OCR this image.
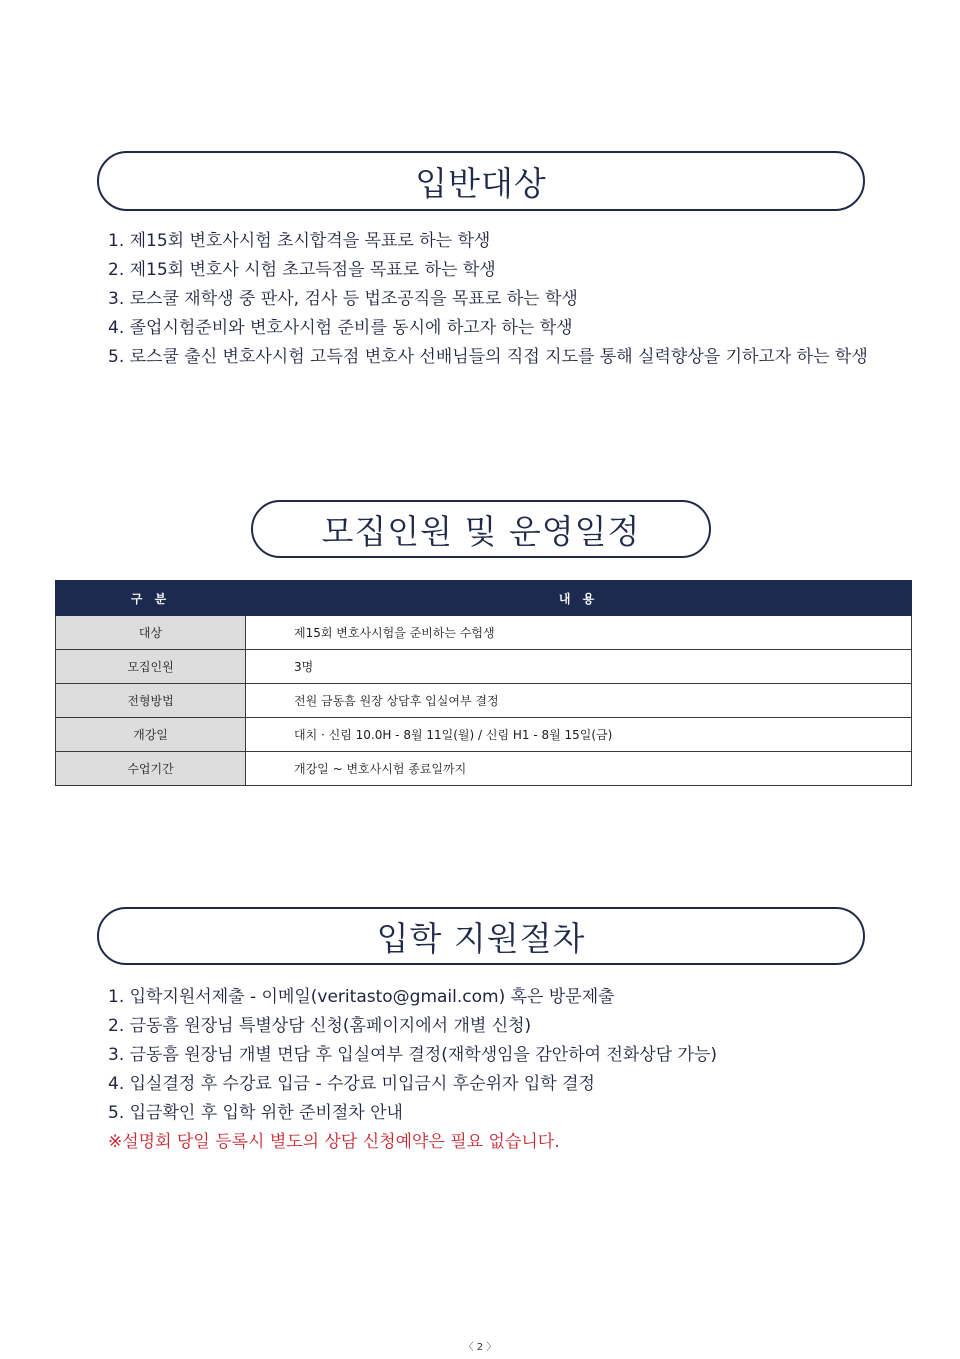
입반대상
1. 제15회 변호사시험 초시합격을 목표로 하는 학생
2. 제15회 변호사 시험 초고득점을 목표로 하는 학생
3. 로스쿨 재학생 중 판사, 검사 등 법조공직을 목표로 하는 학생
4. 졸업시험준비와 변호사시험 준비를 동시에 하고자 하는 학생
5. 로스쿨 출신 변호사시험 고득점 변호사 선배님들의 직접 지도를 통해 실력향상을 기하고자 하는 학생
모집인원 및 운영일정
구 분	내 용
대상	제15회 변호사시험을 준비하는 수험생
모집인원	3명
전형방법	전원 금동흠 원장 상담후 입실여부 결정
개강일	대치 · 신림 10.0H - 8월 11일(월) / 신림 H1 - 8월 15일(금)
수업기간	개강일 ~ 변호사시험 종료일까지
입학 지원절차
1. 입학지원서제출 - 이메일(veritasto@gmail.com) 혹은 방문제출
2. 금동흠 원장님 특별상담 신청(홈페이지에서 개별 신청)
3. 금동흠 원장님 개별 면담 후 입실여부 결정(재학생임을 감안하여 전화상담 가능)
4. 입실결정 후 수강료 입금 - 수강료 미입금시 후순위자 입학 결정
5. 입금확인 후 입학 위한 준비절차 안내
※설명회 당일 등록시 별도의 상담 신청예약은 필요 없습니다.
〈 2 〉
